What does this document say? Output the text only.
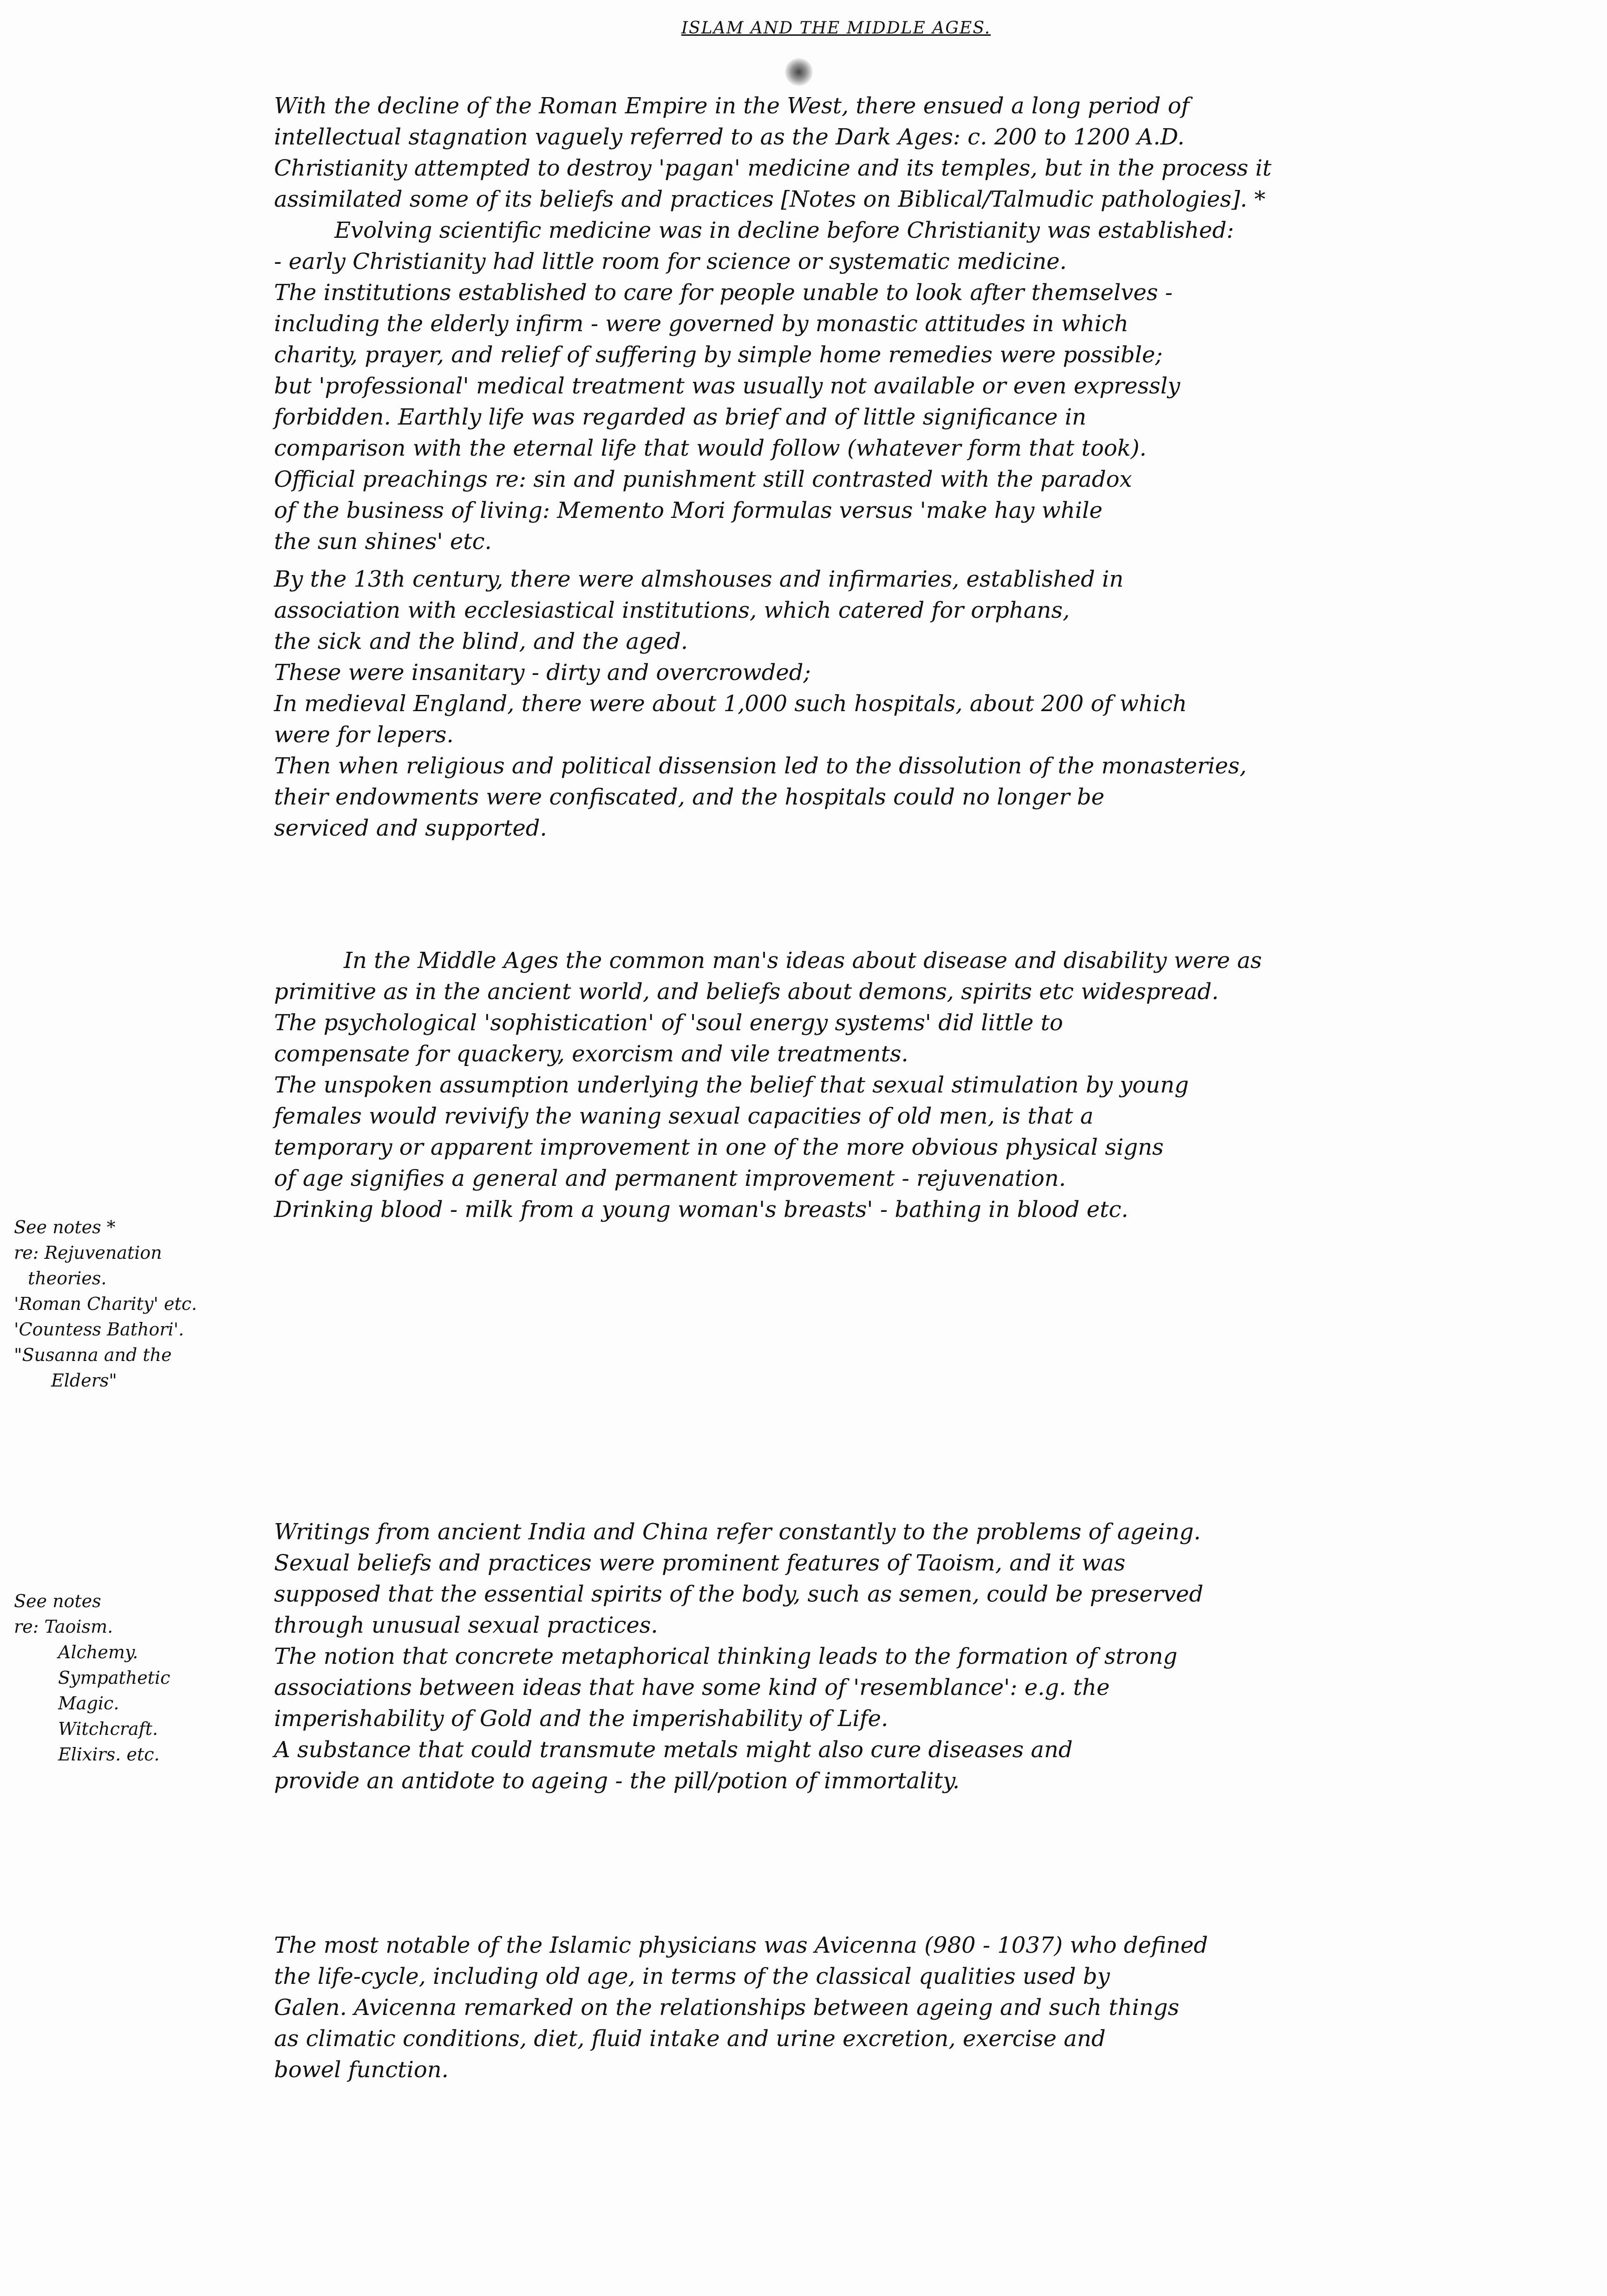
ISLAM AND THE MIDDLE AGES.
With the decline of the Roman Empire in the West, there ensued a long period of
intellectual stagnation vaguely referred to as the Dark Ages: c. 200 to 1200 A.D.
Christianity attempted to destroy 'pagan' medicine and its temples, but in the process it
assimilated some of its beliefs and practices [Notes on Biblical/Talmudic pathologies]. *
Evolving scientific medicine was in decline before Christianity was established:
- early Christianity had little room for science or systematic medicine.
The institutions established to care for people unable to look after themselves -
including the elderly infirm - were governed by monastic attitudes in which
charity, prayer, and relief of suffering by simple home remedies were possible;
but 'professional' medical treatment was usually not available or even expressly
forbidden. Earthly life was regarded as brief and of little significance in
comparison with the eternal life that would follow (whatever form that took).
Official preachings re: sin and punishment still contrasted with the paradox
of the business of living: Memento Mori formulas versus 'make hay while
the sun shines' etc.
By the 13th century, there were almshouses and infirmaries, established in
association with ecclesiastical institutions, which catered for orphans,
the sick and the blind, and the aged.
These were insanitary - dirty and overcrowded;
In medieval England, there were about 1,000 such hospitals, about 200 of which
were for lepers.
Then when religious and political dissension led to the dissolution of the monasteries,
their endowments were confiscated, and the hospitals could no longer be
serviced and supported.
In the Middle Ages the common man's ideas about disease and disability were as
primitive as in the ancient world, and beliefs about demons, spirits etc widespread.
The psychological 'sophistication' of 'soul energy systems' did little to
compensate for quackery, exorcism and vile treatments.
The unspoken assumption underlying the belief that sexual stimulation by young
females would revivify the waning sexual capacities of old men, is that a
temporary or apparent improvement in one of the more obvious physical signs
of age signifies a general and permanent improvement - rejuvenation.
Drinking blood - milk from a young woman's breasts' - bathing in blood etc.
Writings from ancient India and China refer constantly to the problems of ageing.
Sexual beliefs and practices were prominent features of Taoism, and it was
supposed that the essential spirits of the body, such as semen, could be preserved
through unusual sexual practices.
The notion that concrete metaphorical thinking leads to the formation of strong
associations between ideas that have some kind of 'resemblance': e.g. the
imperishability of Gold and the imperishability of Life.
A substance that could transmute metals might also cure diseases and
provide an antidote to ageing - the pill/potion of immortality.
The most notable of the Islamic physicians was Avicenna (980 - 1037) who defined
the life-cycle, including old age, in terms of the classical qualities used by
Galen. Avicenna remarked on the relationships between ageing and such things
as climatic conditions, diet, fluid intake and urine excretion, exercise and
bowel function.
See notes *
re: Rejuvenation
theories.
'Roman Charity' etc.
'Countess Bathori'.
"Susanna and the
Elders"
See notes
re: Taoism.
Alchemy.
Sympathetic
Magic.
Witchcraft.
Elixirs. etc.
